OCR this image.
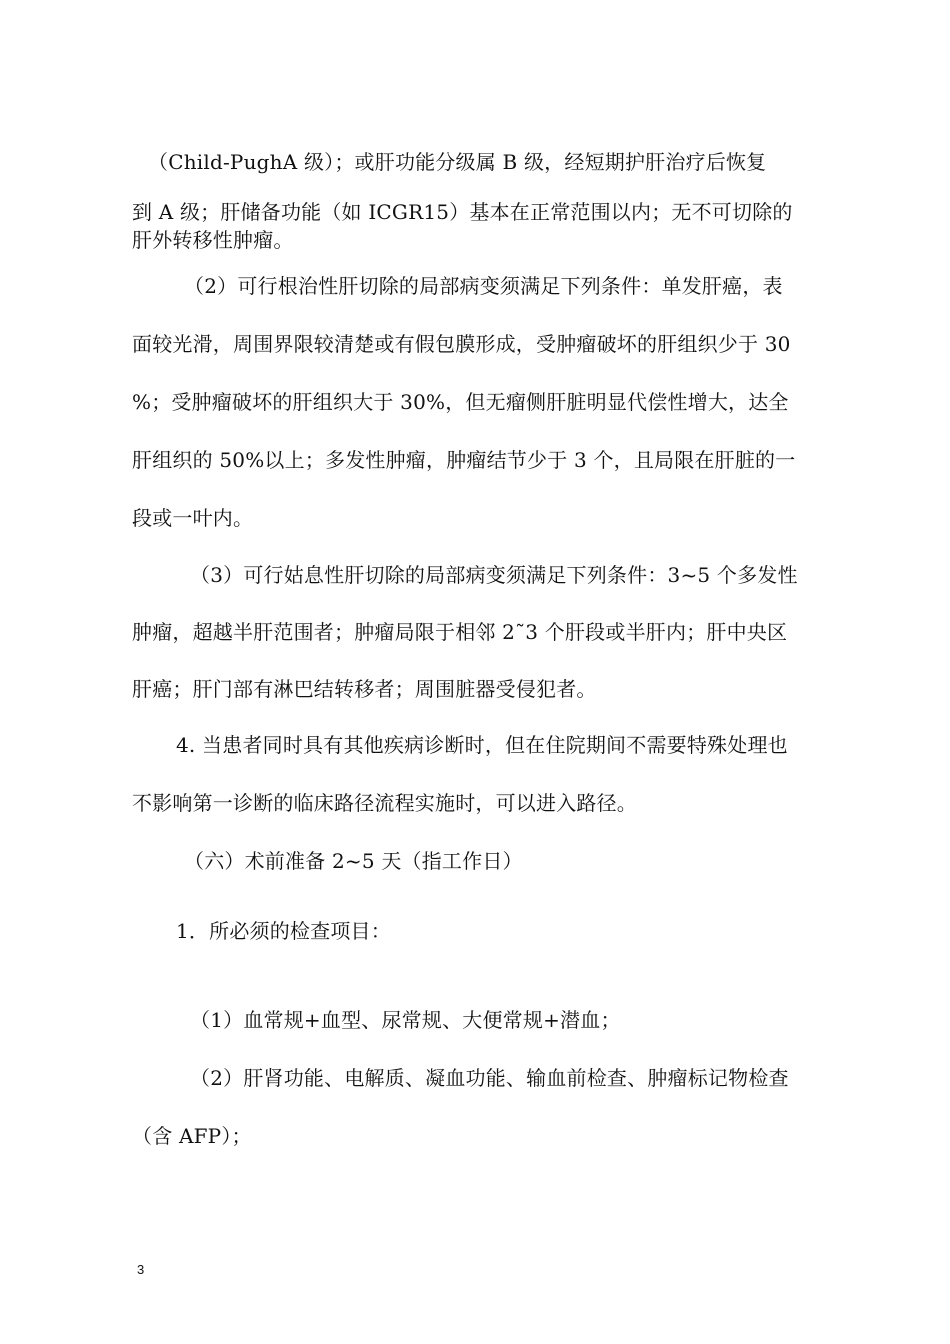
（Child-PughA 级）；或肝功能分级属 B 级，经短期护肝治疗后恢复
到 A 级；肝储备功能（如 ICGR15）基本在正常范围以内；无不可切除的
肝外转移性肿瘤。
（2）可行根治性肝切除的局部病变须满足下列条件：单发肝癌，表
面较光滑，周围界限较清楚或有假包膜形成，受肿瘤破坏的肝组织少于 30
%；受肿瘤破坏的肝组织大于 30%，但无瘤侧肝脏明显代偿性增大，达全
肝组织的 50%以上；多发性肿瘤，肿瘤结节少于 3 个，且局限在肝脏的一
段或一叶内。
（3）可行姑息性肝切除的局部病变须满足下列条件：3~5 个多发性
肿瘤，超越半肝范围者；肿瘤局限于相邻 2˜3 个肝段或半肝内；肝中央区
肝癌；肝门部有淋巴结转移者；周围脏器受侵犯者。
4. 当患者同时具有其他疾病诊断时，但在住院期间不需要特殊处理也
不影响第一诊断的临床路径流程实施时，可以进入路径。
（六）术前准备 2~5 天（指工作日）
1．所必须的检查项目：
（1）血常规+血型、尿常规、大便常规+潜血；
（2）肝肾功能、电解质、凝血功能、输血前检查、肿瘤标记物检查
（含 AFP）；
3
